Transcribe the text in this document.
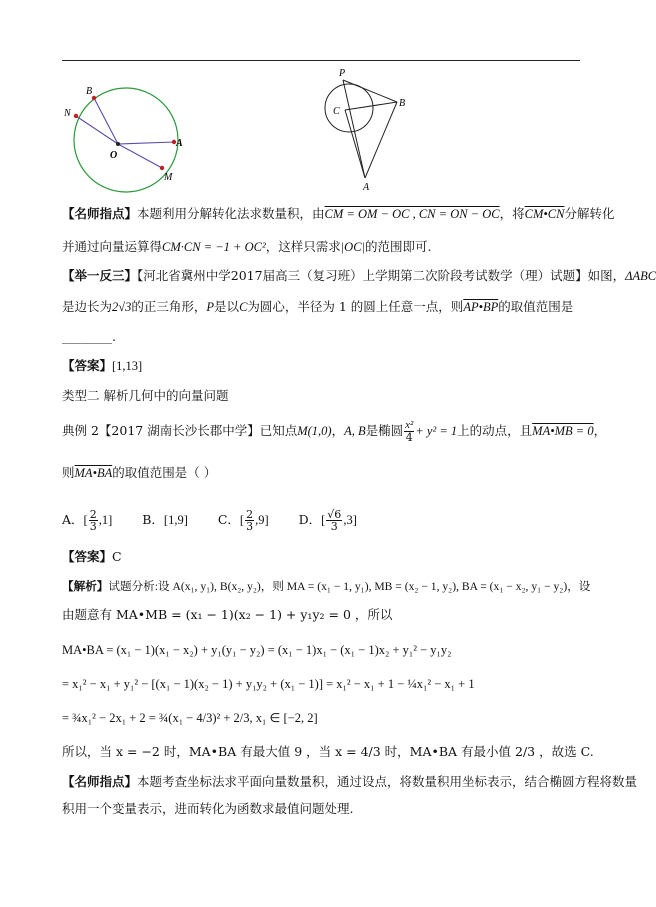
B
N
O
A
M
P
C
B
A
【名师指点】本题利用分解转化法求数量积，由CM = OM − OC , CN = ON − OC，将CM•CN分解转化
并通过向量运算得CM·CN = −1 + OC²，这样只需求|OC|的范围即可.
【举一反三】【河北省冀州中学2017届高三（复习班）上学期第二次阶段考试数学（理）试题】如图，ΔABC
是边长为2√3的正三角形，P是以C为圆心，半径为 1 的圆上任意一点，则AP•BP的取值范围是
________.
【答案】[1,13]
类型二 解析几何中的向量问题
典例 2【2017 湖南长沙长郡中学】已知点M(1,0)，A, B是椭圆 $\frac{\text{x²}}{4} + y^2 = 1$上的动点，且MA•MB = 0，
则MA•BA的取值范围是（ ）
A．[ $\frac{2}{3} ,1$] B．[1,9] C．[ $\frac{2}{3} ,9$] D．[ $\frac{√6}{3} ,3$]
【答案】C
【解析】试题分析:设 A(x₁, y₁), B(x₂, y₂)，则 MA = (x₁ − 1, y₁), MB = (x₂ − 1, y₂), BA = (x₁ − x₂, y₁ − y₂)，设
由题意有 MA•MB = (x₁ − 1)(x₂ − 1) + y₁y₂ = 0 ，所以
MA•BA = (x₁ − 1)(x₁ − x₂) + y₁(y₁ − y₂) = (x₁ − 1)x₁ − (x₁ − 1)x₂ + y₁² − y₁y₂
= x₁² − x₁ + y₁² − [(x₁ − 1)(x₂ − 1) + y₁y₂ + (x₁ − 1)] = x₁² − x₁ + 1 − ¼x₁² − x₁ + 1
= ¾x₁² − 2x₁ + 2 = ¾(x₁ − 4/3)² + 2/3, x₁ ∈ [−2, 2]
所以，当 x = −2 时，MA•BA 有最大值 9 ，当 x = 4/3 时，MA•BA 有最小值 2/3 ，故选 C.
【名师指点】本题考查坐标法求平面向量数量积，通过设点，将数量积用坐标表示，结合椭圆方程将数量
积用一个变量表示，进而转化为函数求最值问题处理.
